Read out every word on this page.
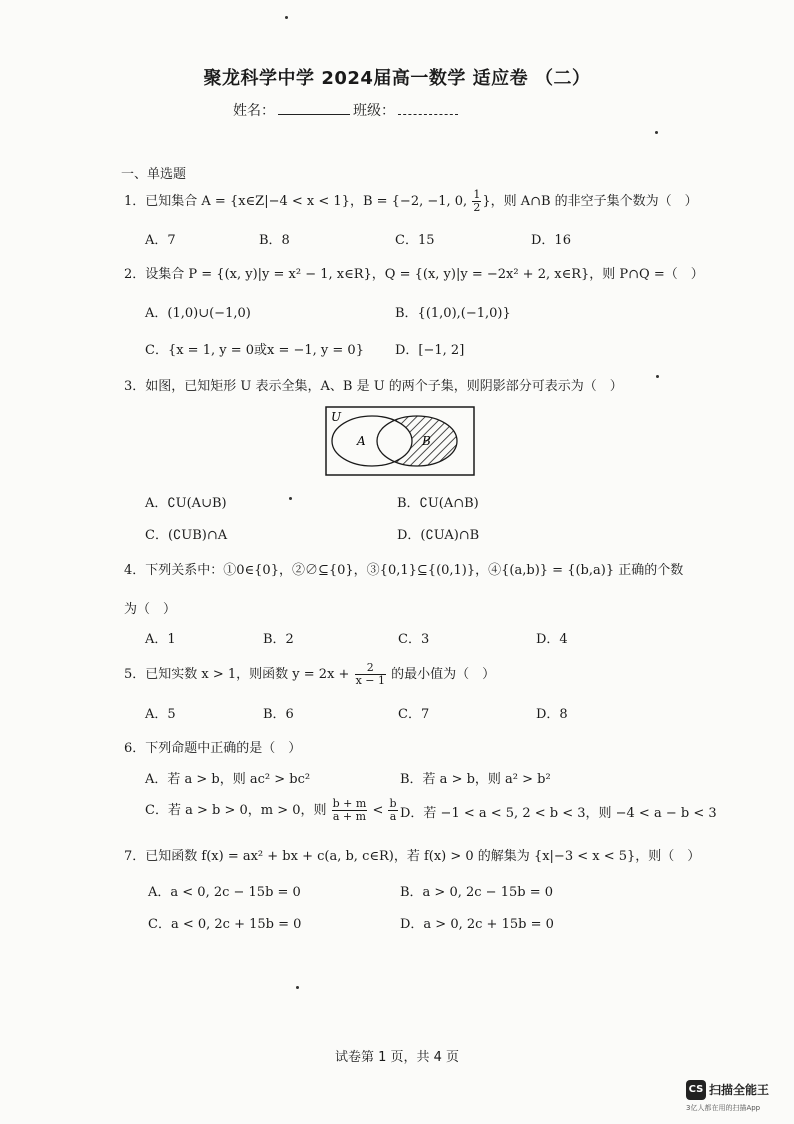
聚龙科学中学 2024届高一数学 适应卷 （二）
姓名：	班级：
一、单选题
1．已知集合 A = {x∈Z|−4 < x < 1}，B = {−2, −1, 0, $\frac{1}{2}$ }，则 A∩B 的非空子集个数为（　）
A．7	B．8	C．15	D．16
2．设集合 P = {(x, y)|y = x² − 1, x∈R}，Q = {(x, y)|y = −2x² + 2, x∈R}，则 P∩Q =（　）
A．(1,0)∪(−1,0)	B．{(1,0),(−1,0)}
C．{x = 1, y = 0或x = −1, y = 0} D．[−1, 2]
3．如图，已知矩形 U 表示全集，A、B 是 U 的两个子集，则阴影部分可表示为（　）
U
A	B
A．∁U(A∪B)	B．∁U(A∩B)
C．(∁UB)∩A	D．(∁UA)∩B
4．下列关系中：①0∈{0}，②∅⊆{0}，③{0,1}⊆{(0,1)}，④{(a,b)} = {(b,a)} 正确的个数
为（　）
A．1	B．2	C．3	D．4
5．已知实数 x > 1，则函数 $y = 2x + \frac{2}{x - 1}$ 的最小值为（　）
A．5	B．6	C．7	D．8
6．下列命题中正确的是（　）
A．若 a > b，则 ac² > bc²	B．若 a > b，则 a² > b²
C．若 a > b > 0，m > 0，则 $\frac{b + m}{a + m} < \frac{b}{a}$ D．若 −1 < a < 5, 2 < b < 3，则 −4 < a − b < 3
7．已知函数 f(x) = ax² + bx + c(a, b, c∈R)，若 f(x) > 0 的解集为 {x|−3 < x < 5}，则（　）
A．a < 0, 2c − 15b = 0	B．a > 0, 2c − 15b = 0
C．a < 0, 2c + 15b = 0	D．a > 0, 2c + 15b = 0
试卷第 1 页，共 4 页
CS 扫描全能王
3亿人都在用的扫描App
